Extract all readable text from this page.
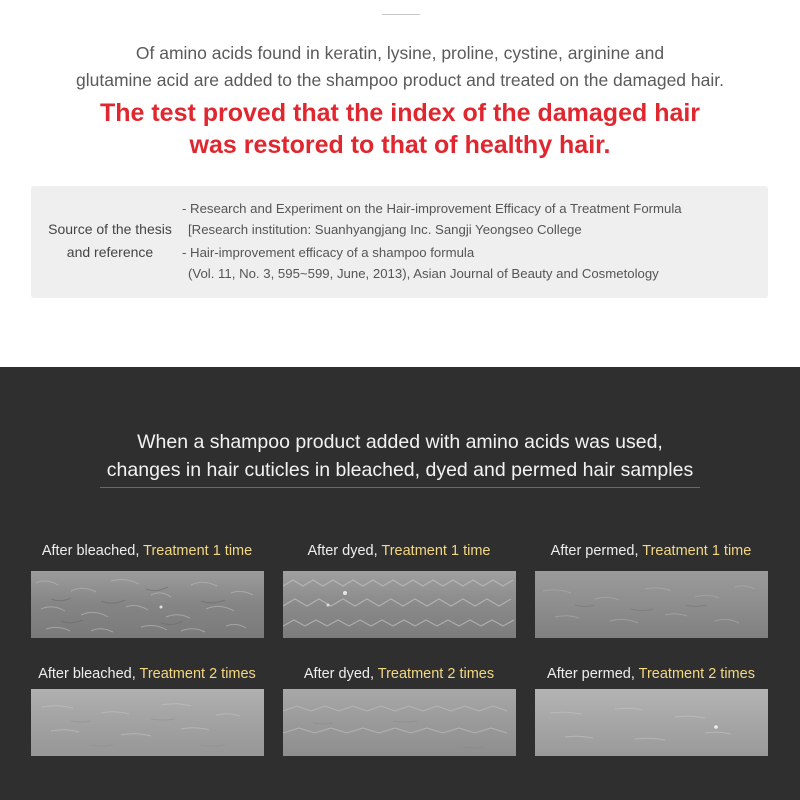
Of amino acids found in keratin, lysine, proline, cystine, arginine and
glutamine acid are added to the shampoo product and treated on the damaged hair.
The test proved that the index of the damaged hair
was restored to that of healthy hair.
Source of the thesis
and reference
- Research and Experiment on the Hair-improvement Efficacy of a Treatment Formula
[Research institution: Suanhyangjang Inc. Sangji Yeongseo College
- Hair-improvement efficacy of a shampoo formula
(Vol. 11, No. 3, 595~599, June, 2013), Asian Journal of Beauty and Cosmetology
When a shampoo product added with amino acids was used,
changes in hair cuticles in bleached, dyed and permed hair samples
After bleached, Treatment 1 time	After dyed, Treatment 1 time	After permed, Treatment 1 time
After bleached, Treatment 2 times	After dyed, Treatment 2 times	After permed, Treatment 2 times
